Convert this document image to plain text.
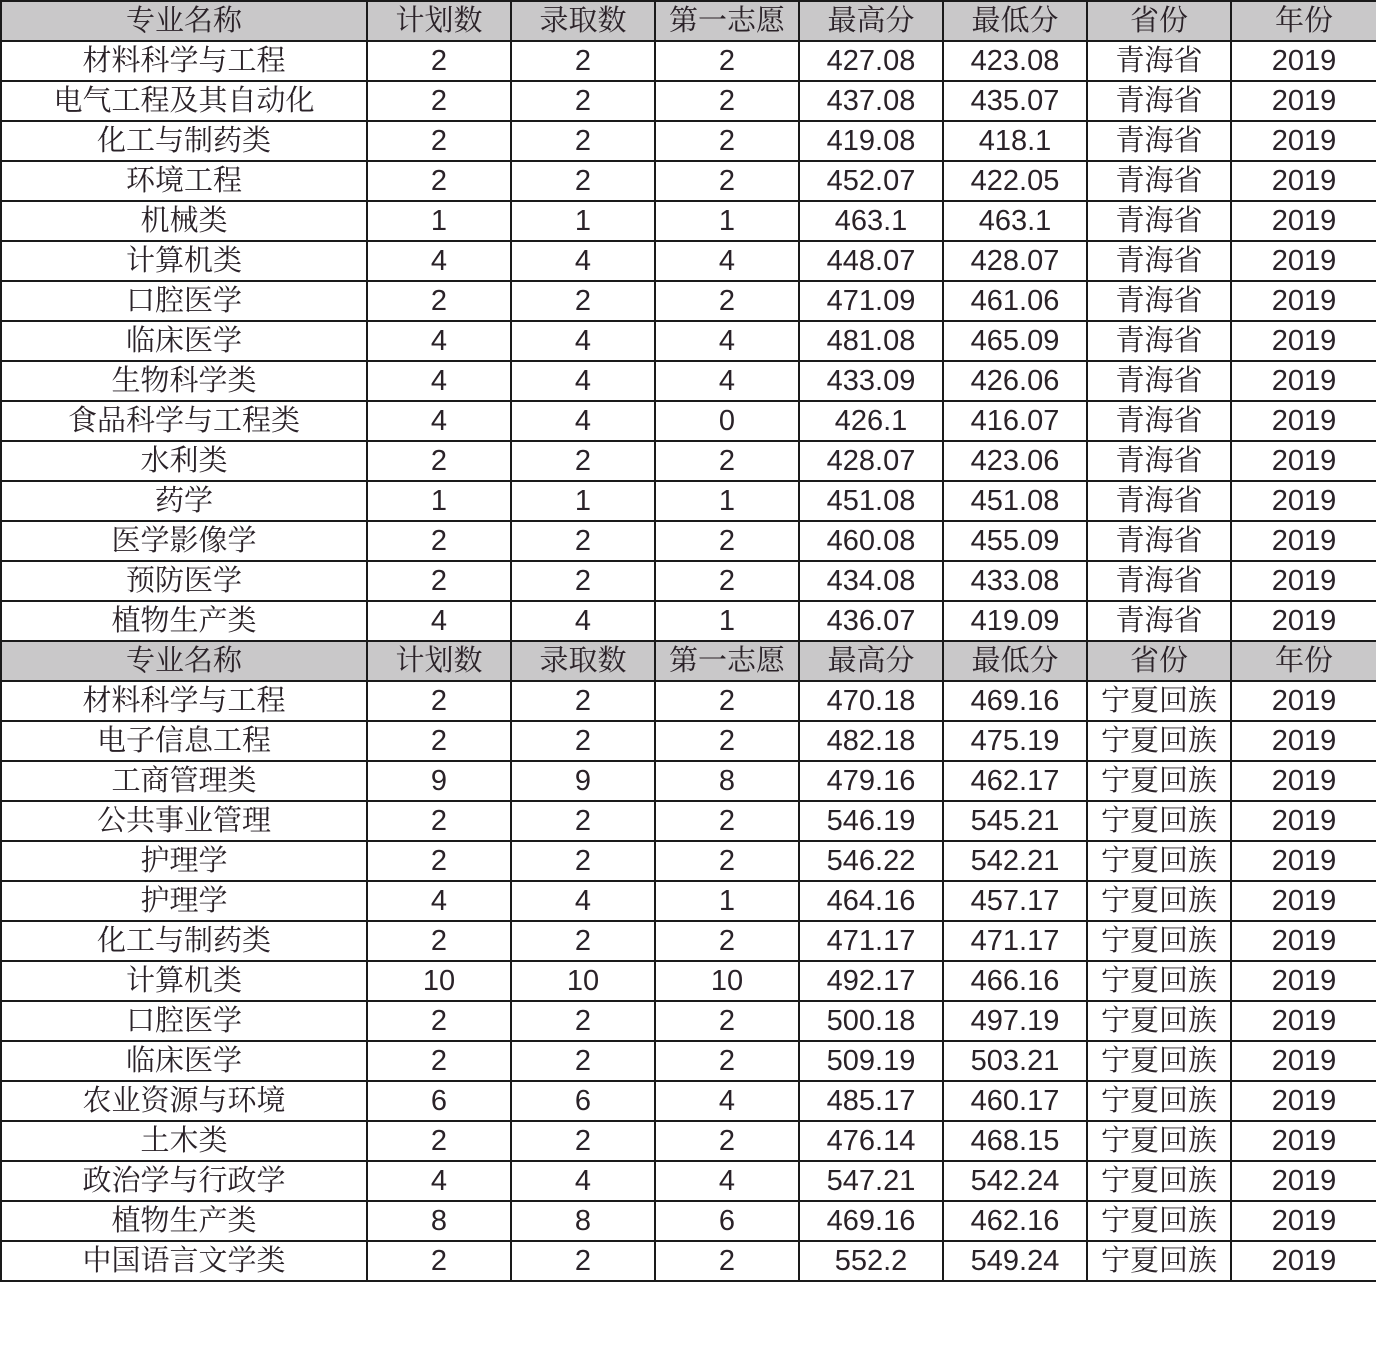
专业名称	计划数	录取数	第一志愿	最高分	最低分	省份	年份
材料科学与工程	2	2	2	427.08	423.08	青海省	2019
电气工程及其自动化	2	2	2	437.08	435.07	青海省	2019
化工与制药类	2	2	2	419.08	418.1	青海省	2019
环境工程	2	2	2	452.07	422.05	青海省	2019
机械类	1	1	1	463.1	463.1	青海省	2019
计算机类	4	4	4	448.07	428.07	青海省	2019
口腔医学	2	2	2	471.09	461.06	青海省	2019
临床医学	4	4	4	481.08	465.09	青海省	2019
生物科学类	4	4	4	433.09	426.06	青海省	2019
食品科学与工程类	4	4	0	426.1	416.07	青海省	2019
水利类	2	2	2	428.07	423.06	青海省	2019
药学	1	1	1	451.08	451.08	青海省	2019
医学影像学	2	2	2	460.08	455.09	青海省	2019
预防医学	2	2	2	434.08	433.08	青海省	2019
植物生产类	4	4	1	436.07	419.09	青海省	2019
专业名称	计划数	录取数	第一志愿	最高分	最低分	省份	年份
材料科学与工程	2	2	2	470.18	469.16	宁夏回族	2019
电子信息工程	2	2	2	482.18	475.19	宁夏回族	2019
工商管理类	9	9	8	479.16	462.17	宁夏回族	2019
公共事业管理	2	2	2	546.19	545.21	宁夏回族	2019
护理学	2	2	2	546.22	542.21	宁夏回族	2019
护理学	4	4	1	464.16	457.17	宁夏回族	2019
化工与制药类	2	2	2	471.17	471.17	宁夏回族	2019
计算机类	10	10	10	492.17	466.16	宁夏回族	2019
口腔医学	2	2	2	500.18	497.19	宁夏回族	2019
临床医学	2	2	2	509.19	503.21	宁夏回族	2019
农业资源与环境	6	6	4	485.17	460.17	宁夏回族	2019
土木类	2	2	2	476.14	468.15	宁夏回族	2019
政治学与行政学	4	4	4	547.21	542.24	宁夏回族	2019
植物生产类	8	8	6	469.16	462.16	宁夏回族	2019
中国语言文学类	2	2	2	552.2	549.24	宁夏回族	2019
